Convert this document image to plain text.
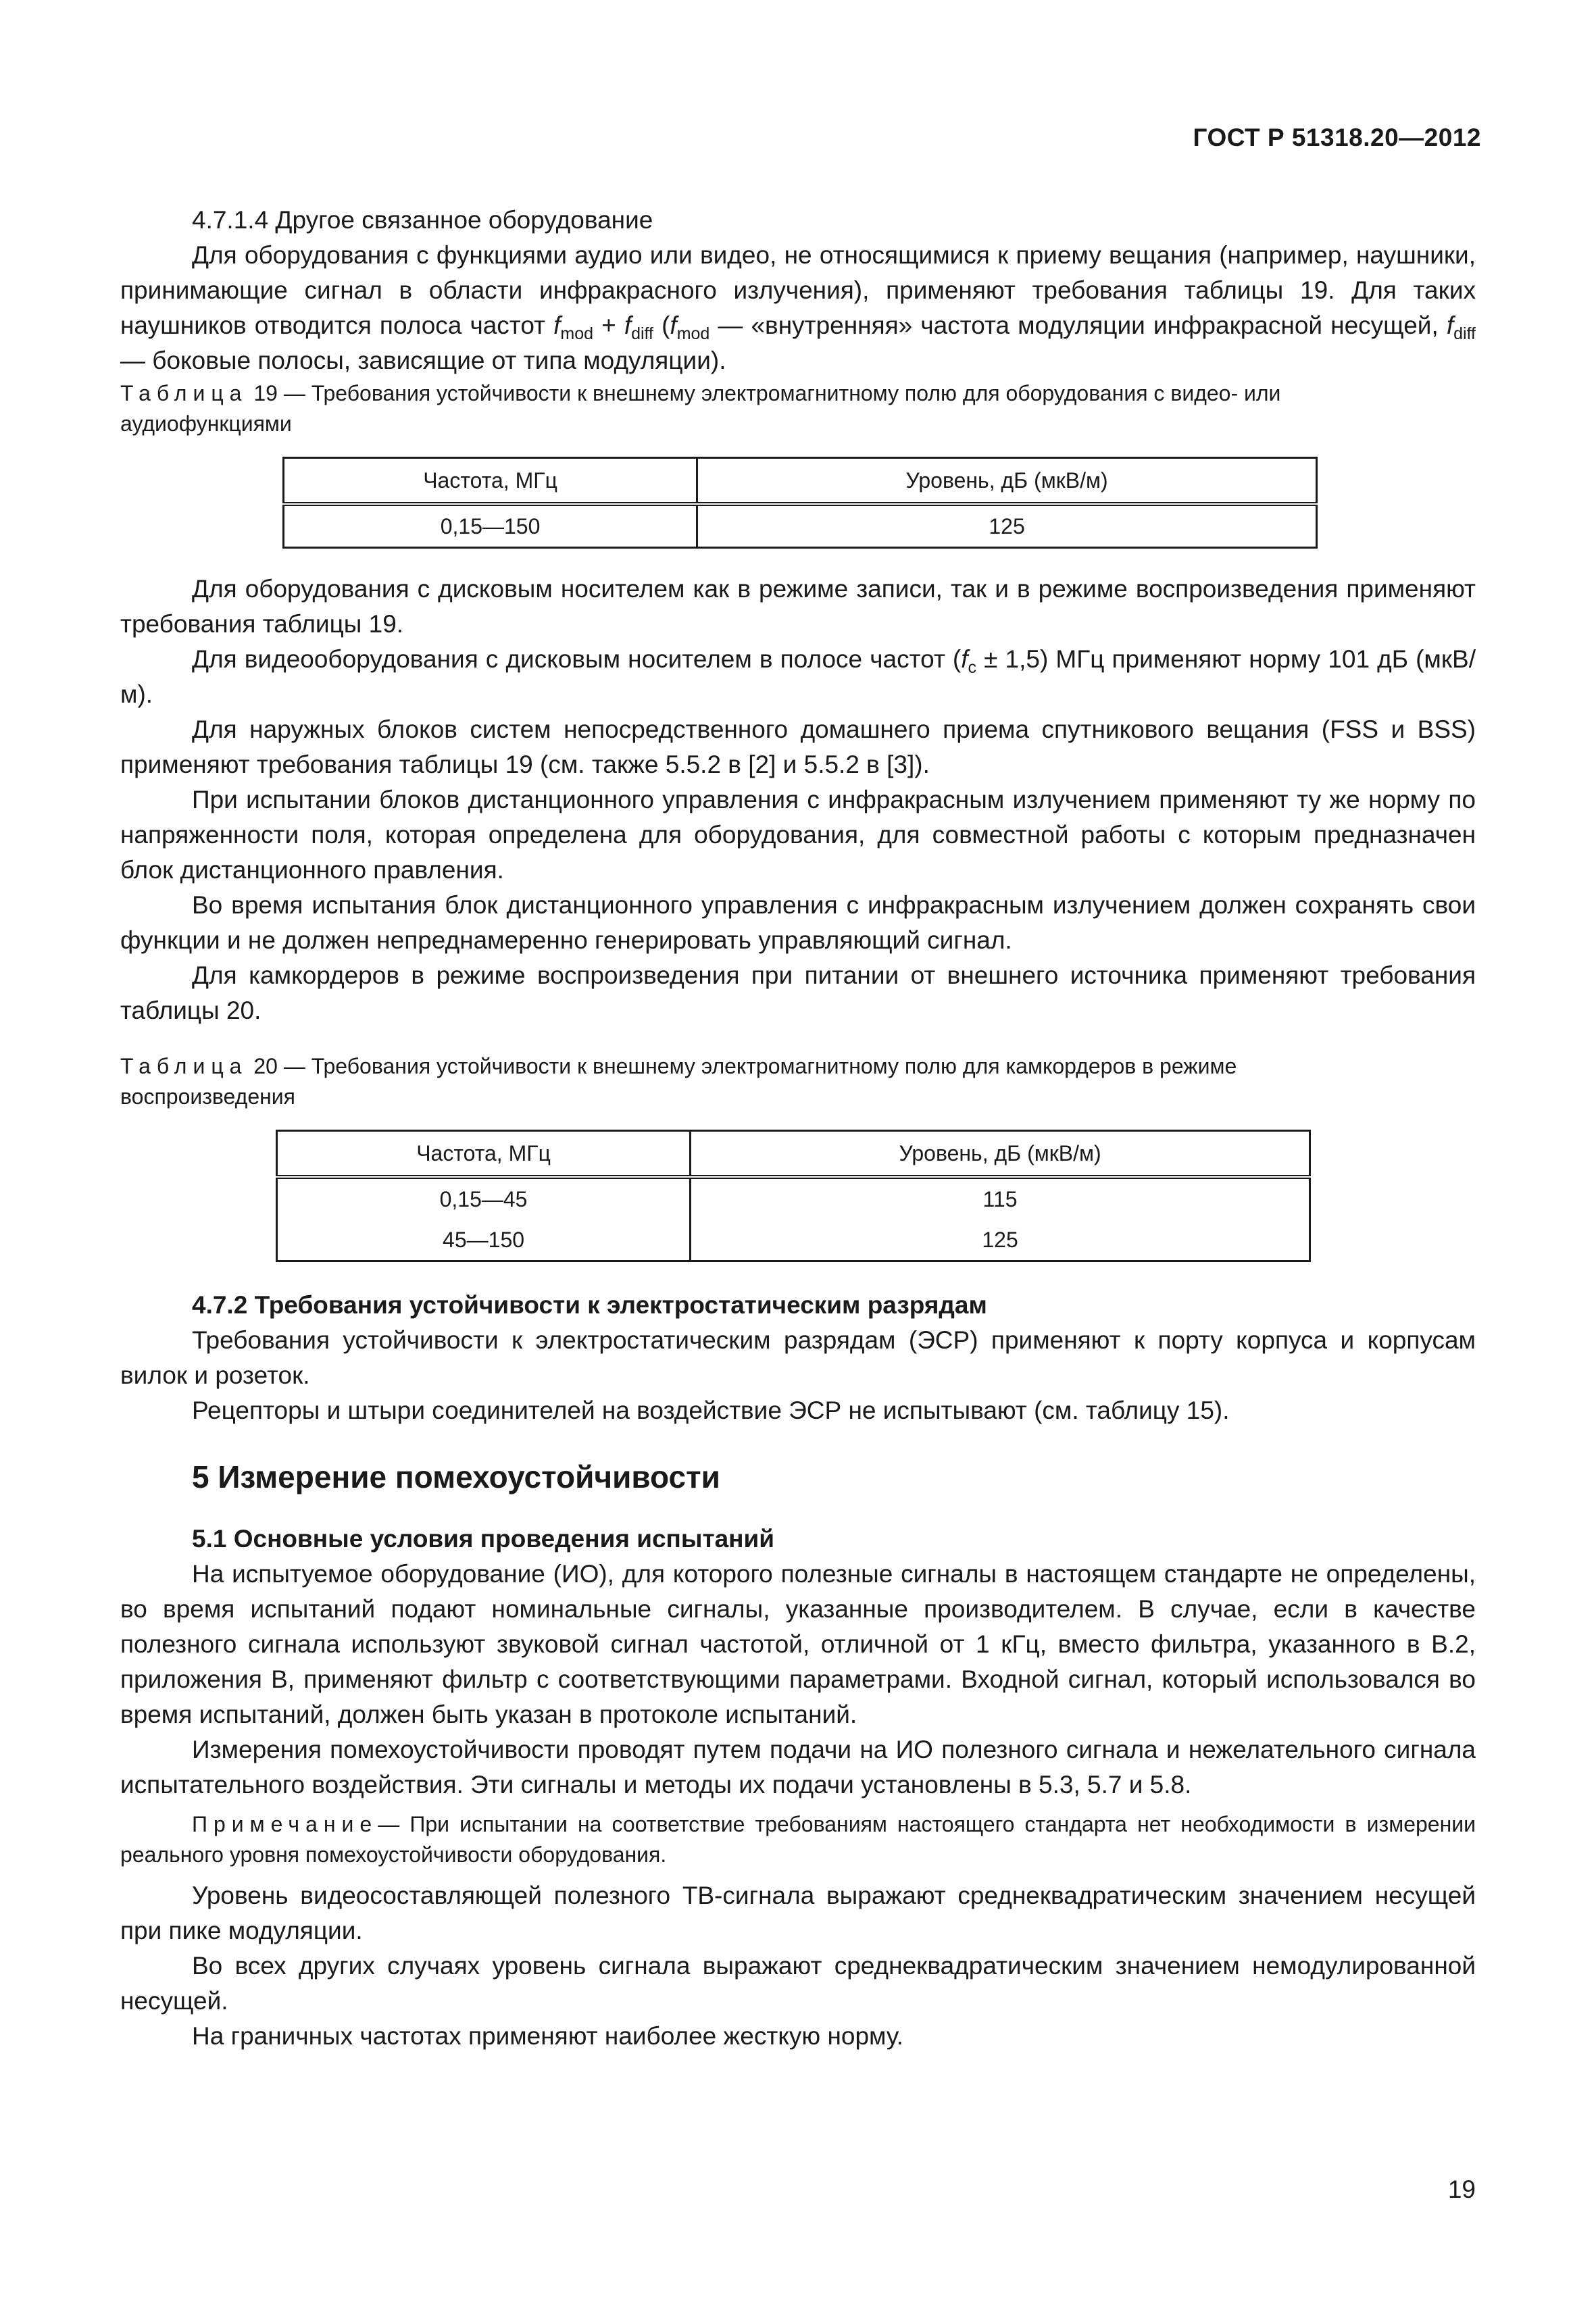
ГОСТ Р 51318.20—2012

4.7.1.4 Другое связанное оборудование

Для оборудования с функциями аудио или видео, не относящимися к приему вещания (например, наушники, принимающие сигнал в области инфракрасного излучения), применяют требования таблицы 19. Для таких наушников отводится полоса частот $f_{mod} + f_{diff}$ ($f_{mod}$ — «внутренняя» частота модуляции инфракрасной несущей, $f_{diff}$ — боковые полосы, зависящие от типа модуляции).

Таблица 19 — Требования устойчивости к внешнему электромагнитному полю для оборудования с видео- или аудиофункциями

Частота, МГц	Уровень, дБ (мкВ/м)
0,15—150	125

Для оборудования с дисковым носителем как в режиме записи, так и в режиме воспроизведения применяют требования таблицы 19.

Для видеооборудования с дисковым носителем в полосе частот $(f_c \pm 1,5)$ МГц применяют норму 101 дБ (мкВ/м).

Для наружных блоков систем непосредственного домашнего приема спутникового вещания (FSS и BSS) применяют требования таблицы 19 (см. также 5.5.2 в [2] и 5.5.2 в [3]).

При испытании блоков дистанционного управления с инфракрасным излучением применяют ту же норму по напряженности поля, которая определена для оборудования, для совместной работы с которым предназначен блок дистанционного правления.

Во время испытания блок дистанционного управления с инфракрасным излучением должен сохранять свои функции и не должен непреднамеренно генерировать управляющий сигнал.

Для камкордеров в режиме воспроизведения при питании от внешнего источника применяют требования таблицы 20.

Таблица 20 — Требования устойчивости к внешнему электромагнитному полю для камкордеров в режиме воспроизведения

Частота, МГц	Уровень, дБ (мкВ/м)
0,15—45	115
45—150	125
4.7.2 Требования устойчивости к электростатическим разрядам

Требования устойчивости к электростатическим разрядам (ЭСР) применяют к порту корпуса и корпусам вилок и розеток.

Рецепторы и штыри соединителей на воздействие ЭСР не испытывают (см. таблицу 15).

5 Измерение помехоустойчивости
5.1 Основные условия проведения испытаний

На испытуемое оборудование (ИО), для которого полезные сигналы в настоящем стандарте не определены, во время испытаний подают номинальные сигналы, указанные производителем. В случае, если в качестве полезного сигнала используют звуковой сигнал частотой, отличной от 1 кГц, вместо фильтра, указанного в В.2, приложения В, применяют фильтр с соответствующими параметрами. Входной сигнал, который использовался во время испытаний, должен быть указан в протоколе испытаний.

Измерения помехоустойчивости проводят путем подачи на ИО полезного сигнала и нежелательного сигнала испытательного воздействия. Эти сигналы и методы их подачи установлены в 5.3, 5.7 и 5.8.

Примечание— При испытании на соответствие требованиям настоящего стандарта нет необходимости в измерении реального уровня помехоустойчивости оборудования.

Уровень видеосоставляющей полезного ТВ-сигнала выражают среднеквадратическим значением несущей при пике модуляции.

Во всех других случаях уровень сигнала выражают среднеквадратическим значением немодулированной несущей.

На граничных частотах применяют наиболее жесткую норму.

19
